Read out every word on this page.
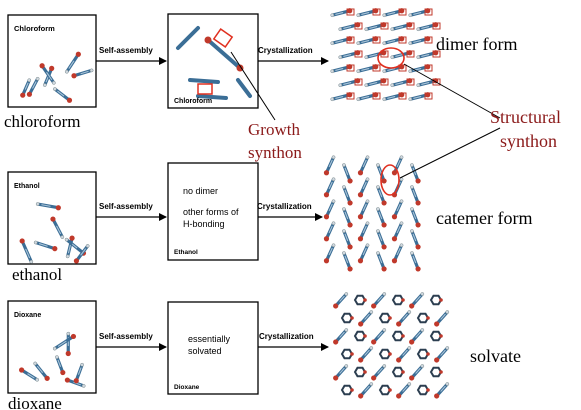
Chloroform
chloroform
Self-assembly
Chloroform
Crystallization	dimer form
Ethanol
ethanol
Self-assembly
no dimer
other forms of
H-bonding
Ethanol
Crystallization
catemer form
Dioxane
dioxane
Self-assembly	essentially
solvated
Dioxane
Crystallization
solvate
Growth
synthon
Structural
synthon
